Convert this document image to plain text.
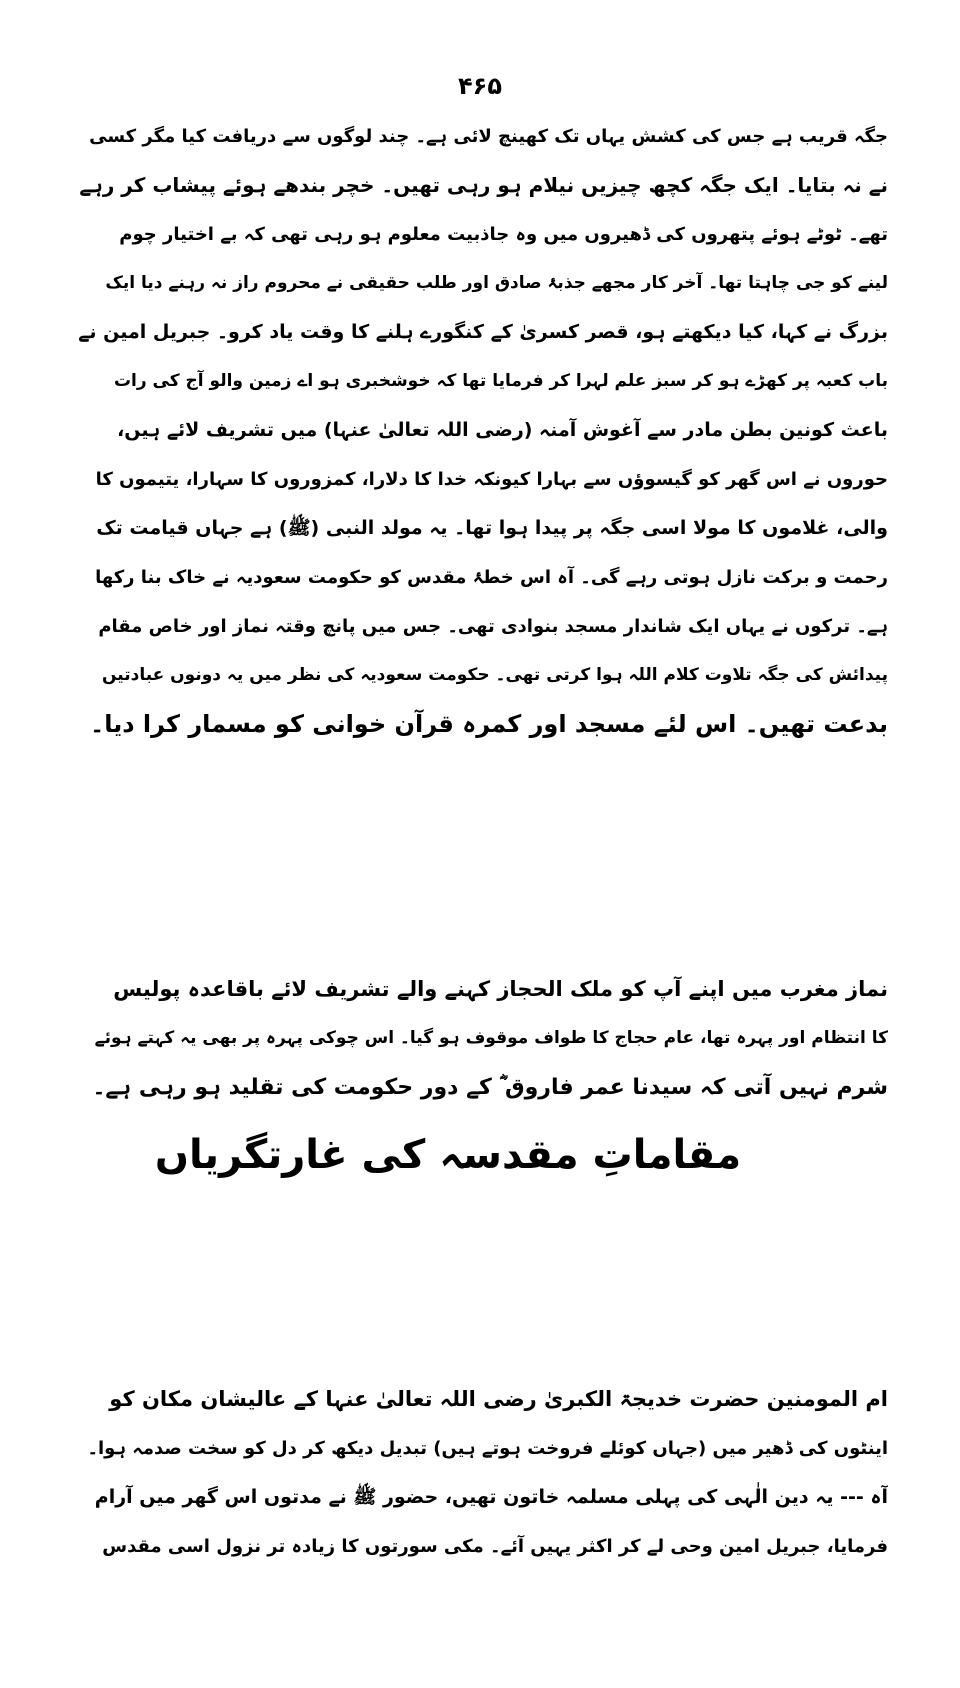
۴۶۵
جگہ قریب ہے جس کی کشش یہاں تک کھینچ لائی ہے۔ چند لوگوں سے دریافت کیا مگر کسی
نے نہ بتایا۔ ایک جگہ کچھ چیزیں نیلام ہو رہی تھیں۔ خچر بندھے ہوئے پیشاب کر رہے
تھے۔ ٹوٹے ہوئے پتھروں کی ڈھیروں میں وہ جاذبیت معلوم ہو رہی تھی کہ بے اختیار چوم
لینے کو جی چاہتا تھا۔ آخر کار مجھے جذبۂ صادق اور طلب حقیقی نے محروم راز نہ رہنے دیا ایک
بزرگ نے کہا، کیا دیکھتے ہو، قصر کسریٰ کے کنگورے ہلنے کا وقت یاد کرو۔ جبریل امین نے
باب کعبہ پر کھڑے ہو کر سبز علم لہرا کر فرمایا تھا کہ خوشخبری ہو اے زمین والو آج کی رات
باعث کونین بطن مادر سے آغوش آمنہ (رضی اللہ تعالیٰ عنہا) میں تشریف لائے ہیں،
حوروں نے اس گھر کو گیسوؤں سے بہارا کیونکہ خدا کا دلارا، کمزوروں کا سہارا، یتیموں کا
والی، غلاموں کا مولا اسی جگہ پر پیدا ہوا تھا۔ یہ مولد النبی (ﷺ) ہے جہاں قیامت تک
رحمت و برکت نازل ہوتی رہے گی۔ آہ اس خطۂ مقدس کو حکومت سعودیہ نے خاک بنا رکھا
ہے۔ ترکوں نے یہاں ایک شاندار مسجد بنوادی تھی۔ جس میں پانچ وقتہ نماز اور خاص مقام
پیدائش کی جگہ تلاوت کلام اللہ ہوا کرتی تھی۔ حکومت سعودیہ کی نظر میں یہ دونوں عبادتیں
بدعت تھیں۔ اس لئے مسجد اور کمرہ قرآن خوانی کو مسمار کرا دیا۔
نماز مغرب میں اپنے آپ کو ملک الحجاز کہنے والے تشریف لائے باقاعدہ پولیس
کا انتظام اور پہرہ تھا، عام حجاج کا طواف موقوف ہو گیا۔ اس چوکی پہرہ پر بھی یہ کہتے ہوئے
شرم نہیں آتی کہ سیدنا عمر فاروق ؓ کے دور حکومت کی تقلید ہو رہی ہے۔
مقاماتِ مقدسہ کی غارتگریاں
ام المومنین حضرت خدیجۃ الکبریٰ رضی اللہ تعالیٰ عنہا کے عالیشان مکان کو
اینٹوں کی ڈھیر میں (جہاں کوئلے فروخت ہوتے ہیں) تبدیل دیکھ کر دل کو سخت صدمہ ہوا۔
آہ --- یہ دین الٰہی کی پہلی مسلمہ خاتون تھیں، حضور ﷺ نے مدتوں اس گھر میں آرام
فرمایا، جبریل امین وحی لے کر اکثر یہیں آئے۔ مکی سورتوں کا زیادہ تر نزول اسی مقدس
